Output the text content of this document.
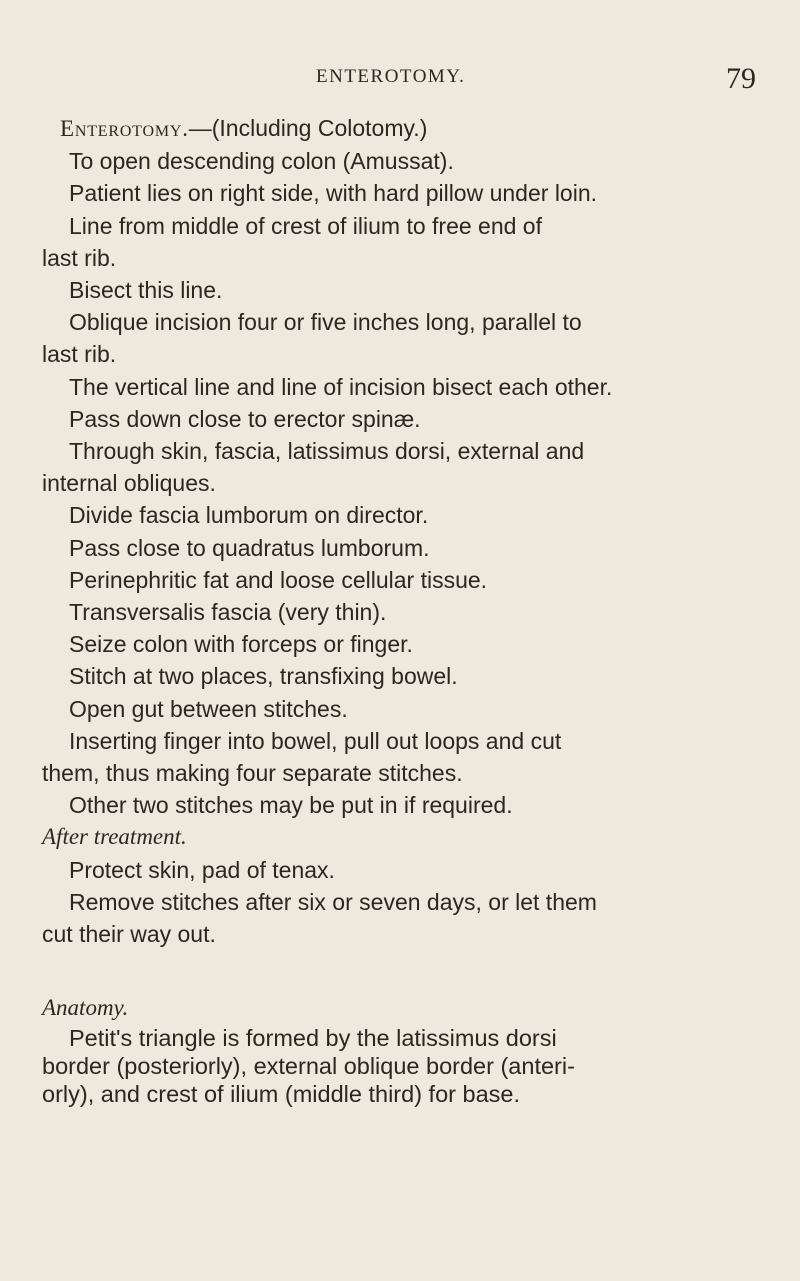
ENTEROTOMY.	79
Enterotomy.—(Including Colotomy.)
To open descending colon (Amussat).
Patient lies on right side, with hard pillow under loin.
Line from middle of crest of ilium to free end of
last rib.
Bisect this line.
Oblique incision four or five inches long, parallel to
last rib.
The vertical line and line of incision bisect each other.
Pass down close to erector spinæ.
Through skin, fascia, latissimus dorsi, external and
internal obliques.
Divide fascia lumborum on director.
Pass close to quadratus lumborum.
Perinephritic fat and loose cellular tissue.
Transversalis fascia (very thin).
Seize colon with forceps or finger.
Stitch at two places, transfixing bowel.
Open gut between stitches.
Inserting finger into bowel, pull out loops and cut
them, thus making four separate stitches.
Other two stitches may be put in if required.
After treatment.
Protect skin, pad of tenax.
Remove stitches after six or seven days, or let them
cut their way out.
Anatomy.
Petit's triangle is formed by the latissimus dorsi
border (posteriorly), external oblique border (anteri-
orly), and crest of ilium (middle third) for base.
